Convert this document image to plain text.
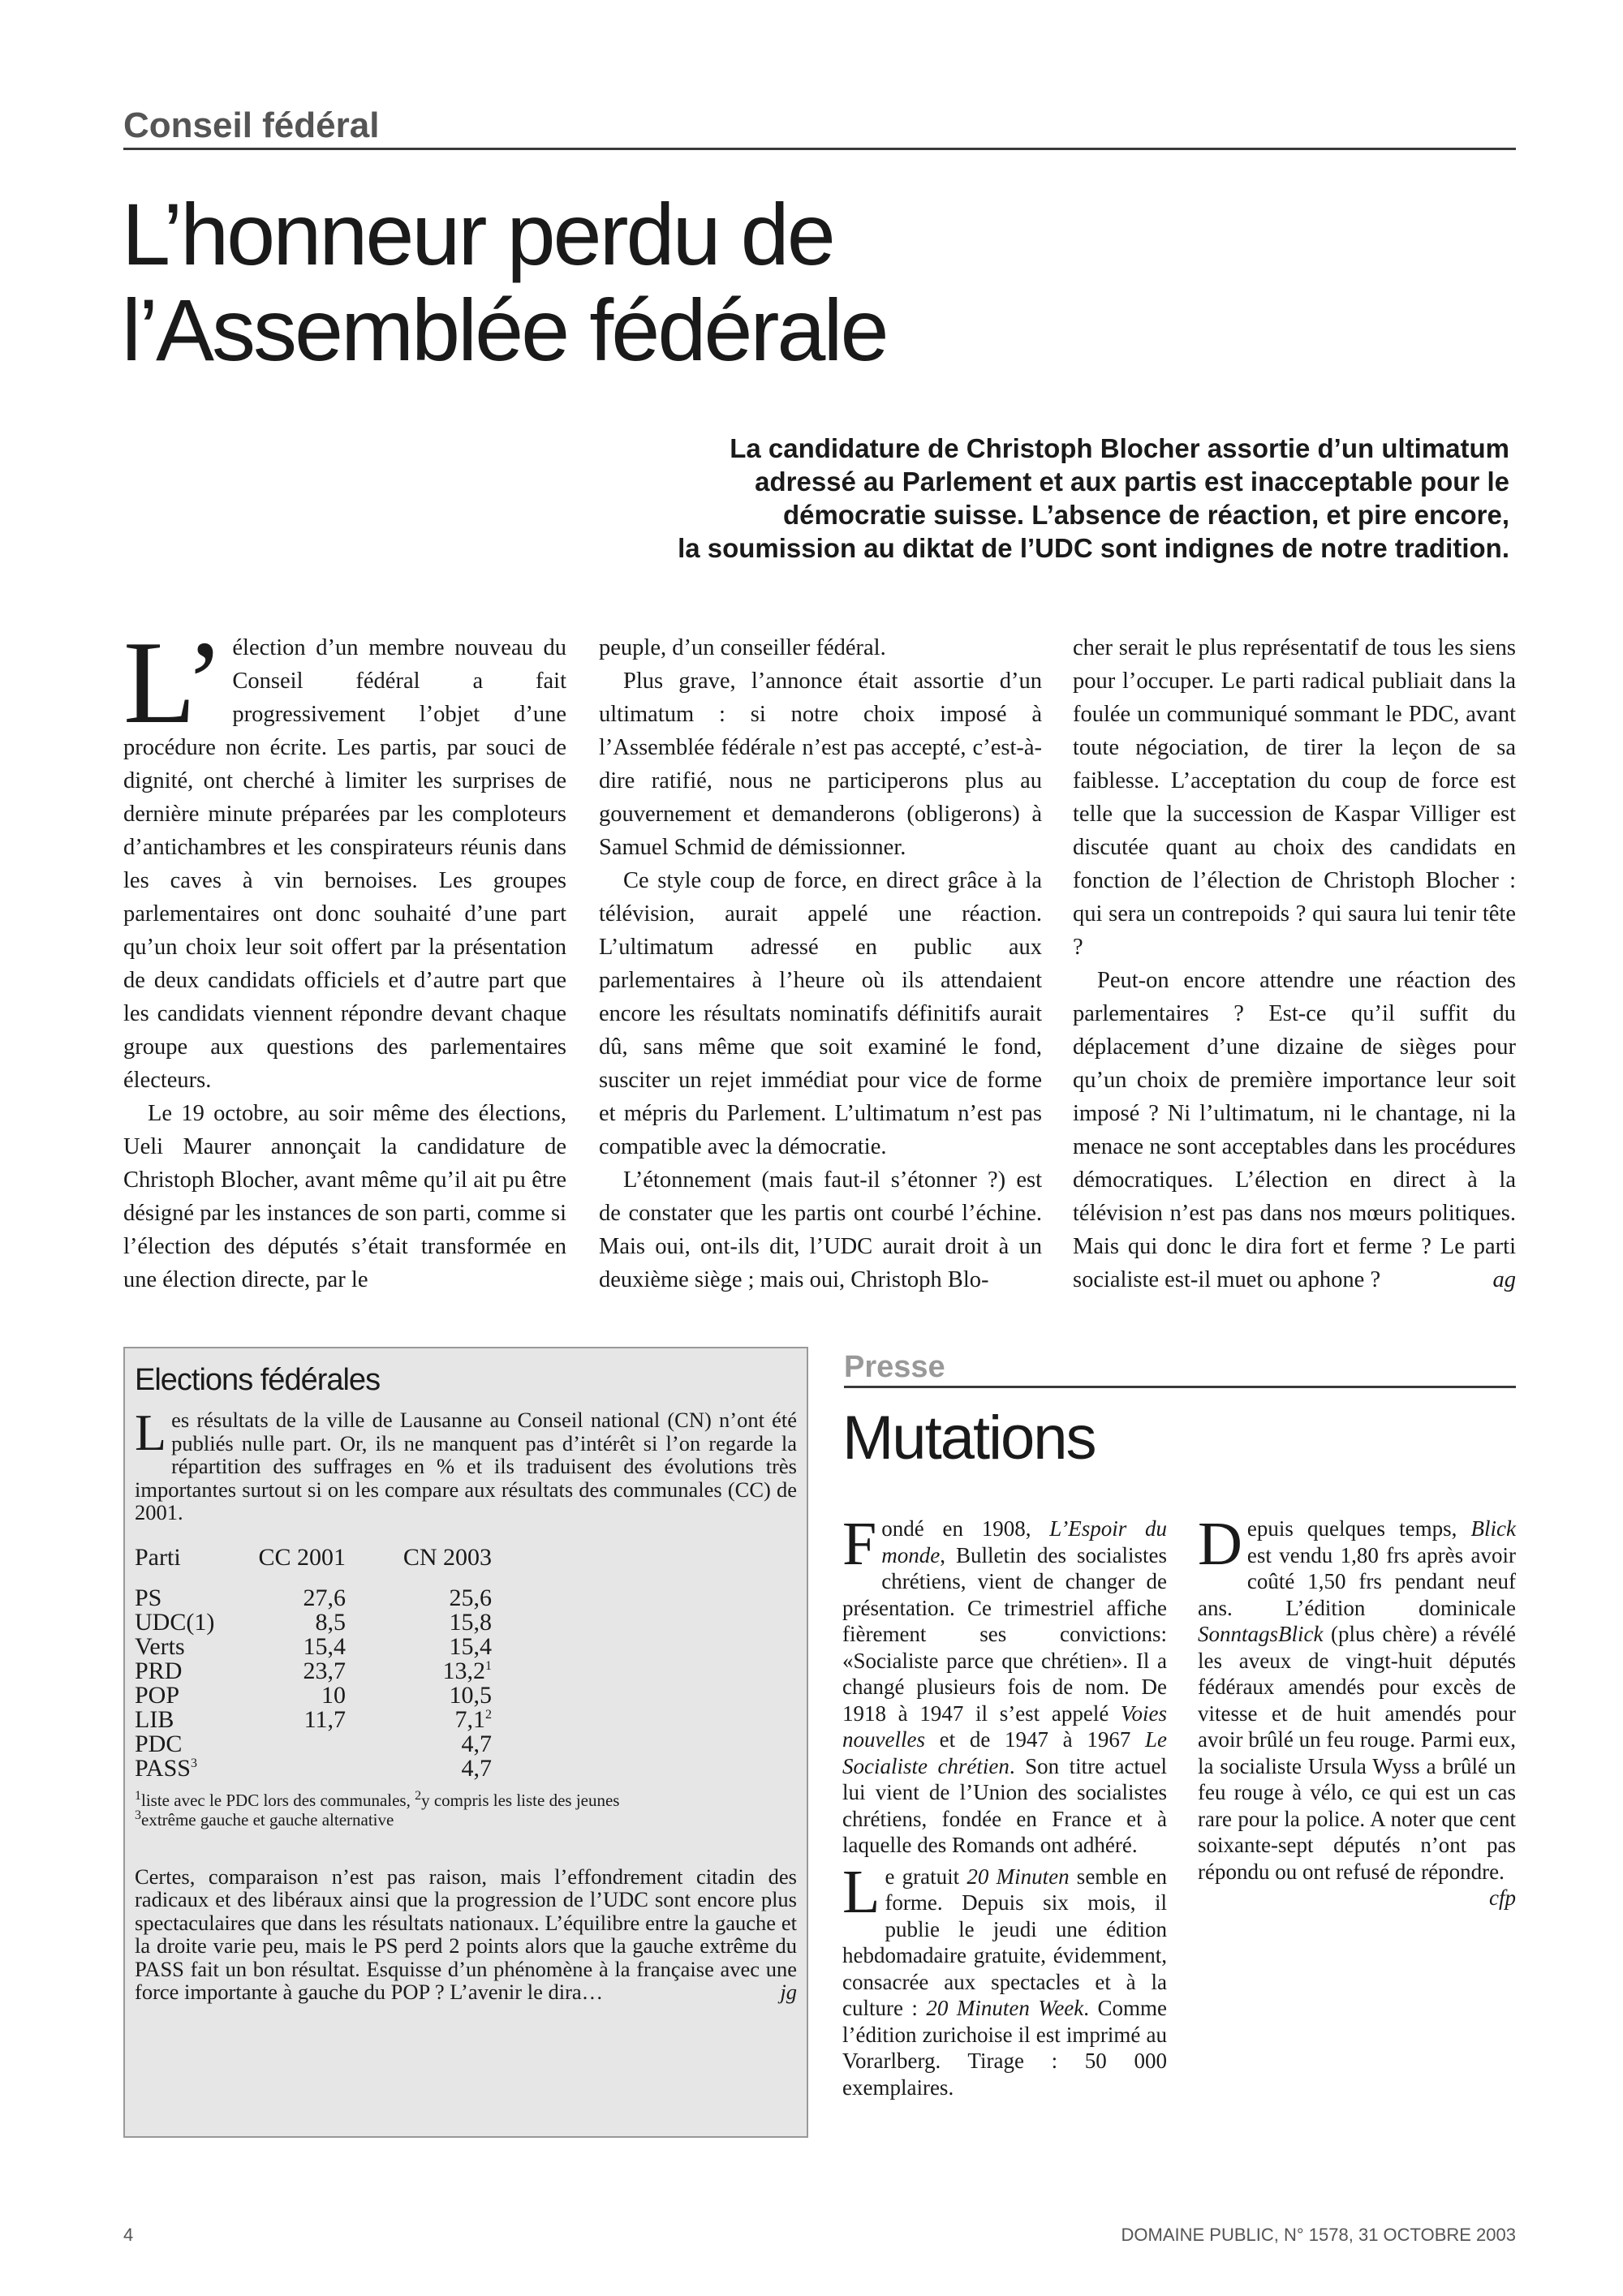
Conseil fédéral
L’honneur perdu de
l’Assemblée fédérale
La candidature de Christoph Blocher assortie d’un ultimatum
adressé au Parlement et aux partis est inacceptable pour le
démocratie suisse. L’absence de réaction, et pire encore,
la soumission au diktat de l’UDC sont indignes de notre tradition.

L’ élection d’un membre nouveau du Conseil fédéral a fait progressivement l’objet d’une procédure non écrite. Les partis, par souci de dignité, ont cherché à limiter les surprises de dernière minute préparées par les comploteurs d’antichambres et les conspirateurs réunis dans les caves à vin bernoises. Les groupes parlementaires ont donc souhaité d’une part qu’un choix leur soit offert par la présentation de deux candidats officiels et d’autre part que les candidats viennent répondre devant chaque groupe aux questions des parlementaires électeurs.

Le 19 octobre, au soir même des élections, Ueli Maurer annonçait la candidature de Christoph Blocher, avant même qu’il ait pu être désigné par les instances de son parti, comme si l’élection des députés s’était transformée en une élection directe, par le

peuple, d’un conseiller fédéral.

Plus grave, l’annonce était assortie d’un ultimatum : si notre choix imposé à l’Assemblée fédérale n’est pas accepté, c’est-à-dire ratifié, nous ne participerons plus au gouvernement et demanderons (obligerons) à Samuel Schmid de démissionner.

Ce style coup de force, en direct grâce à la télévision, aurait appelé une réaction. L’ultimatum adressé en public aux parlementaires à l’heure où ils attendaient encore les résultats nominatifs définitifs aurait dû, sans même que soit examiné le fond, susciter un rejet immédiat pour vice de forme et mépris du Parlement. L’ultimatum n’est pas compatible avec la démocratie.

L’étonnement (mais faut-il s’étonner ?) est de constater que les partis ont courbé l’échine. Mais oui, ont-ils dit, l’UDC aurait droit à un deuxième siège ; mais oui, Christoph Blo-

cher serait le plus représentatif de tous les siens pour l’occuper. Le parti radical publiait dans la foulée un communiqué sommant le PDC, avant toute négociation, de tirer la leçon de sa faiblesse. L’acceptation du coup de force est telle que la succession de Kaspar Villiger est discutée quant au choix des candidats en fonction de l’élection de Christoph Blocher : qui sera un contrepoids ? qui saura lui tenir tête ?

Peut-on encore attendre une réaction des parlementaires ? Est-ce qu’il suffit du déplacement d’une dizaine de sièges pour qu’un choix de première importance leur soit imposé ? Ni l’ultimatum, ni le chantage, ni la menace ne sont acceptables dans les procédures démocratiques. L’élection en direct à la télévision n’est pas dans nos mœurs politiques. Mais qui donc le dira fort et ferme ? Le parti socialiste est-il muet ou aphone ?	ag

Elections fédérales

Les résultats de la ville de Lausanne au Conseil national (CN) n’ont été publiés nulle part. Or, ils ne manquent pas d’intérêt si l’on regarde la répartition des suffrages en % et ils traduisent des évolutions très importantes surtout si on les compare aux résultats des communales (CC) de 2001.

Parti	CC 2001		CN 2003
PS	27,6		25,6
UDC(1)	8,5		15,8
Verts	15,4		15,4
PRD	23,7		13,2$^1$
POP	10		10,5
LIB	11,7		$7,1^2$
PDC			4,7
PASS$^3$			4,7
$^1$liste avec le PDC lors des communales, $^2$y compris les liste des jeunes
$^3$extrême gauche et gauche alternative

Certes, comparaison n’est pas raison, mais l’effondrement citadin des radicaux et des libéraux ainsi que la progression de l’UDC sont encore plus spectaculaires que dans les résultats nationaux. L’équilibre entre la gauche et la droite varie peu, mais le PS perd 2 points alors que la gauche extrême du PASS fait un bon résultat. Esquisse d’un phénomène à la française avec une force importante à gauche du POP ? L’avenir le dira…	jg

Presse
Mutations

Fondé en 1908, L’Espoir du monde, Bulletin des socialistes chrétiens, vient de changer de présentation. Ce trimestriel affiche fièrement ses convictions: «Socialiste parce que chrétien». Il a changé plusieurs fois de nom. De 1918 à 1947 il s’est appelé Voies nouvelles et de 1947 à 1967 Le Socialiste chrétien. Son titre actuel lui vient de l’Union des socialistes chrétiens, fondée en France et à laquelle des Romands ont adhéré.

Le gratuit 20 Minuten semble en forme. Depuis six mois, il publie le jeudi une édition hebdomadaire gratuite, évidemment, consacrée aux spectacles et à la culture : 20 Minuten Week. Comme l’édition zurichoise il est imprimé au Vorarlberg. Tirage : 50 000 exemplaires.

Depuis quelques temps, Blick est vendu 1,80 frs après avoir coûté 1,50 frs pendant neuf ans. L’édition dominicale SonntagsBlick (plus chère) a révélé les aveux de vingt-huit députés fédéraux amendés pour excès de vitesse et de huit amendés pour avoir brûlé un feu rouge. Parmi eux, la socialiste Ursula Wyss a brûlé un feu rouge à vélo, ce qui est un cas rare pour la police. A noter que cent soixante-sept députés n’ont pas répondu ou ont refusé de répondre.
cfp

4	DOMAINE PUBLIC, N° 1578, 31 OCTOBRE 2003
